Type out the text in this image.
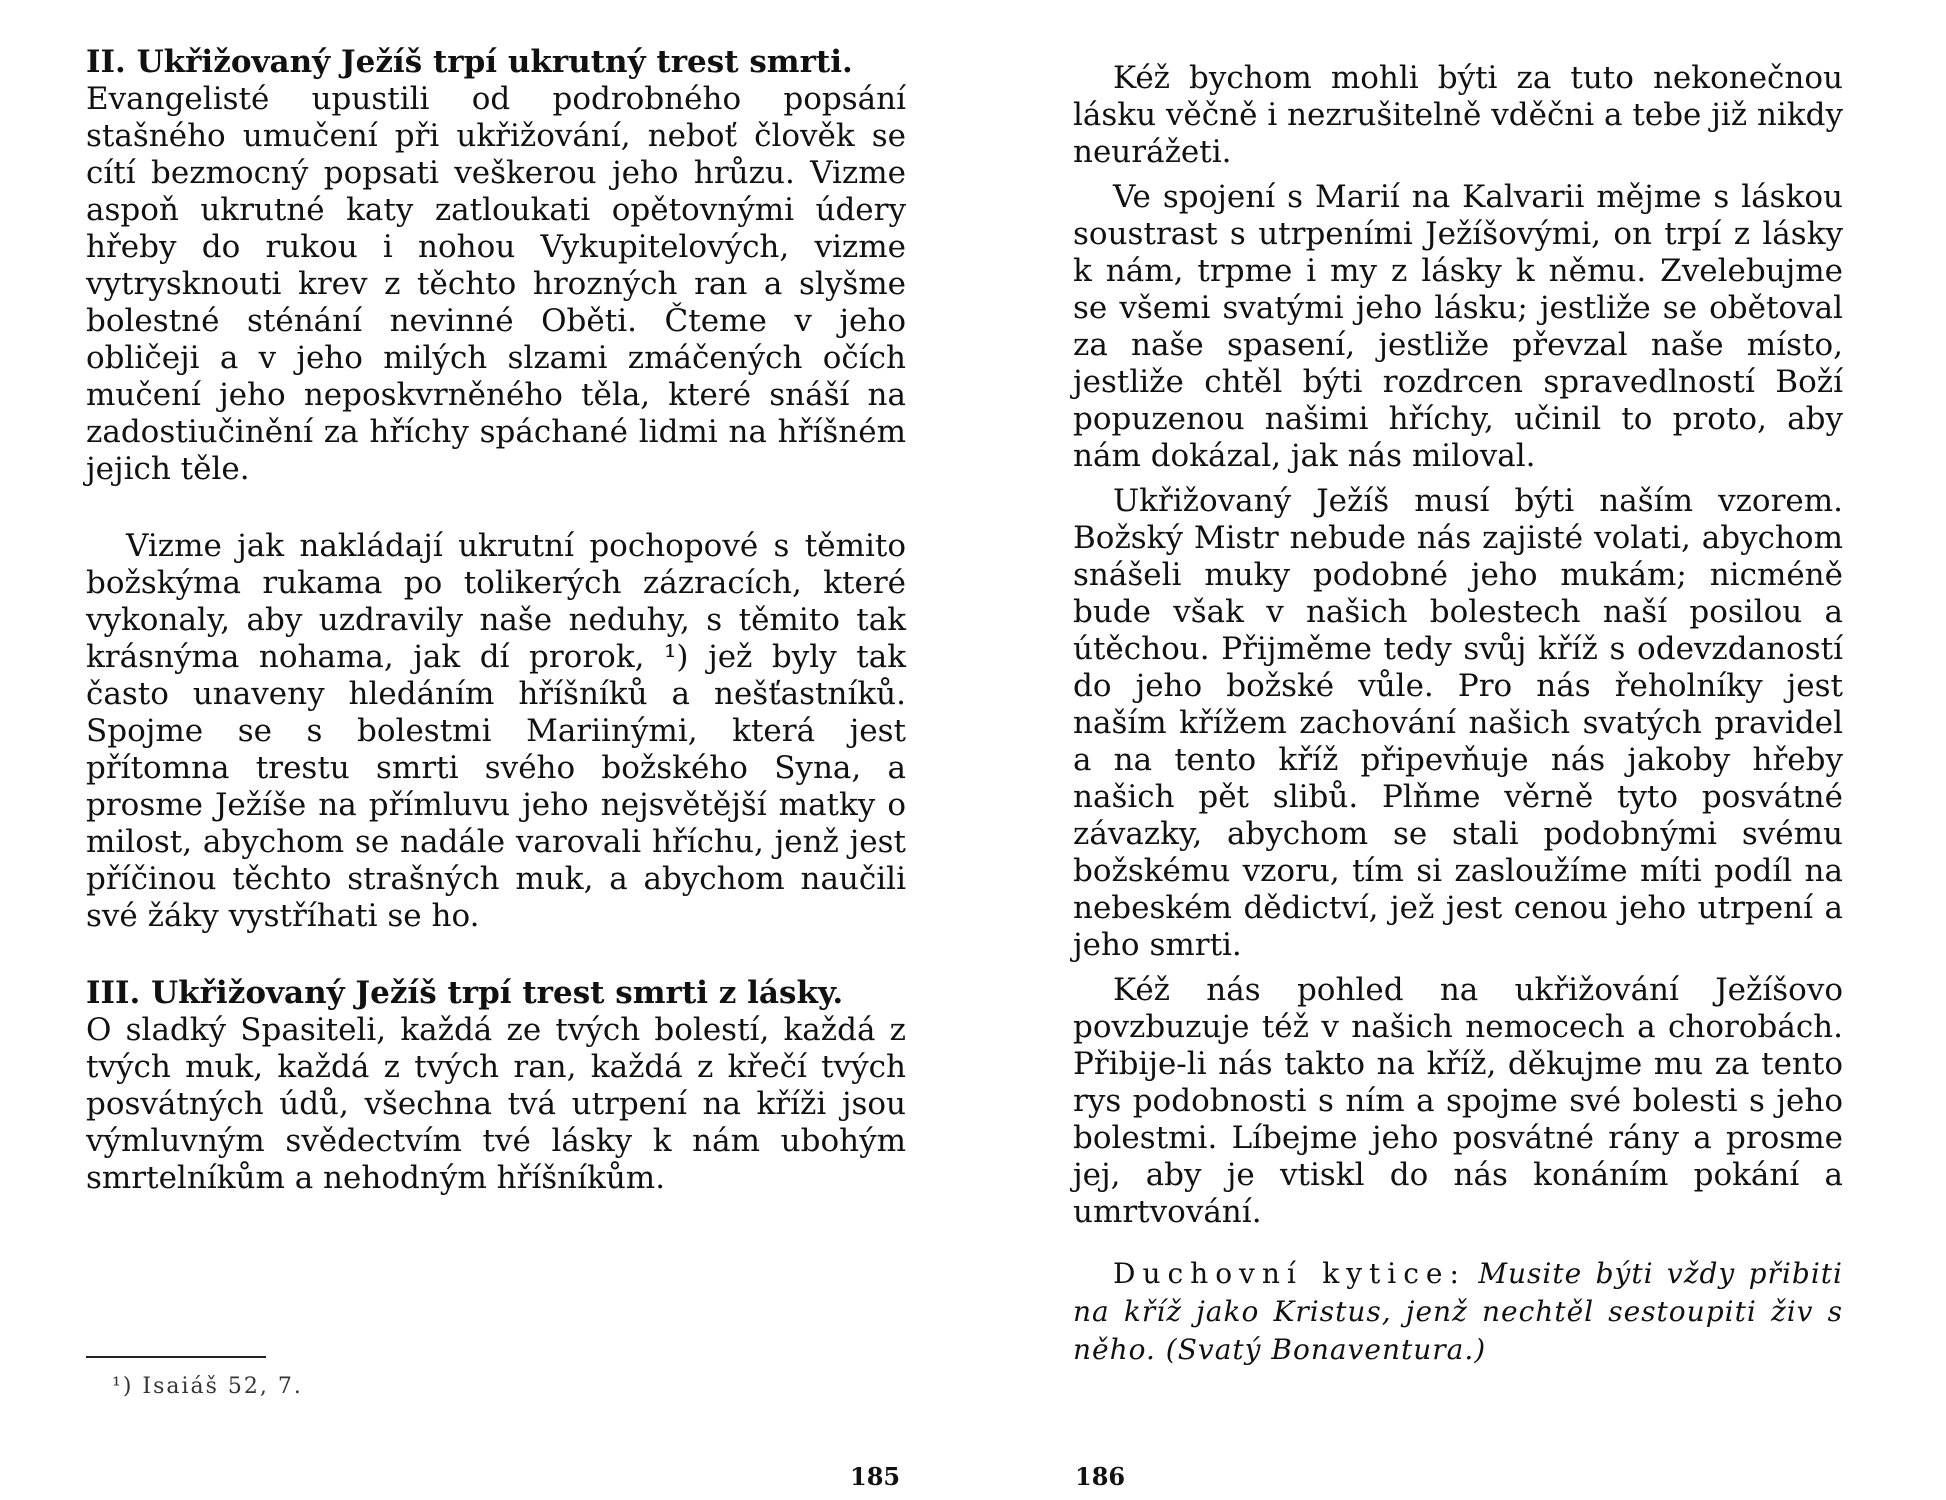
II. Ukřižovaný Ježíš trpí ukrutný trest smrti.

Evangelisté upustili od podrobného popsání stašného umučení při ukřižování, neboť člověk se cítí bezmocný popsati veškerou jeho hrůzu. Vizme aspoň ukrutné katy zatloukati opětovnými údery hřeby do rukou i nohou Vykupitelových, vizme vytrysknouti krev z těchto hrozných ran a slyšme bolestné sténání nevinné Oběti. Čteme v jeho obličeji a v jeho milých slzami zmáčených očích mučení jeho neposkvrněného těla, které snáší na zadostiučinění za hříchy spáchané lidmi na hříšném jejich těle.

Vizme jak nakládají ukrutní pochopové s těmito božskýma rukama po tolikerých zázracích, které vykonaly, aby uzdravily naše neduhy, s těmito tak krásnýma nohama, jak dí prorok, ¹) jež byly tak často unaveny hledáním hříšníků a nešťastníků. Spojme se s bolestmi Mariinými, která jest přítomna trestu smrti svého božského Syna, a prosme Ježíše na přímluvu jeho nejsvětější matky o milost, abychom se nadále varovali hříchu, jenž jest příčinou těchto strašných muk, a abychom naučili své žáky vystříhati se ho.

III. Ukřižovaný Ježíš trpí trest smrti z lásky.

O sladký Spasiteli, každá ze tvých bolestí, každá z tvých muk, každá z tvých ran, každá z křečí tvých posvátných údů, všechna tvá utrpení na kříži jsou výmluvným svědectvím tvé lásky k nám ubohým smrtelníkům a nehodným hříšníkům.

¹) Isaiáš 52, 7.
185

Kéž bychom mohli býti za tuto nekonečnou lásku věčně i nezrušitelně vděčni a tebe již nikdy neurážeti.

Ve spojení s Marií na Kalvarii mějme s láskou soustrast s utrpeními Ježíšovými, on trpí z lásky k nám, trpme i my z lásky k němu. Zvelebujme se všemi svatými jeho lásku; jestliže se obětoval za naše spasení, jestliže převzal naše místo, jestliže chtěl býti rozdrcen spravedlností Boží popuzenou našimi hříchy, učinil to proto, aby nám dokázal, jak nás miloval.

Ukřižovaný Ježíš musí býti naším vzorem. Božský Mistr nebude nás zajisté volati, abychom snášeli muky podobné jeho mukám; nicméně bude však v našich bolestech naší posilou a útěchou. Přijměme tedy svůj kříž s odevzdaností do jeho božské vůle. Pro nás řeholníky jest naším křížem zachování našich svatých pravidel a na tento kříž připevňuje nás jakoby hřeby našich pět slibů. Plňme věrně tyto posvátné závazky, abychom se stali podobnými svému božskému vzoru, tím si zasloužíme míti podíl na nebeském dědictví, jež jest cenou jeho utrpení a jeho smrti.

Kéž nás pohled na ukřižování Ježíšovo povzbuzuje též v našich nemocech a chorobách. Přibije-li nás takto na kříž, děkujme mu za tento rys podobnosti s ním a spojme své bolesti s jeho bolestmi. Líbejme jeho posvátné rány a prosme jej, aby je vtiskl do nás konáním pokání a umrtvování.

Duchovní kytice: Musite býti vždy přibiti na kříž jako Kristus, jenž nechtěl sestoupiti živ s něho. (Svatý Bonaventura.)

186
